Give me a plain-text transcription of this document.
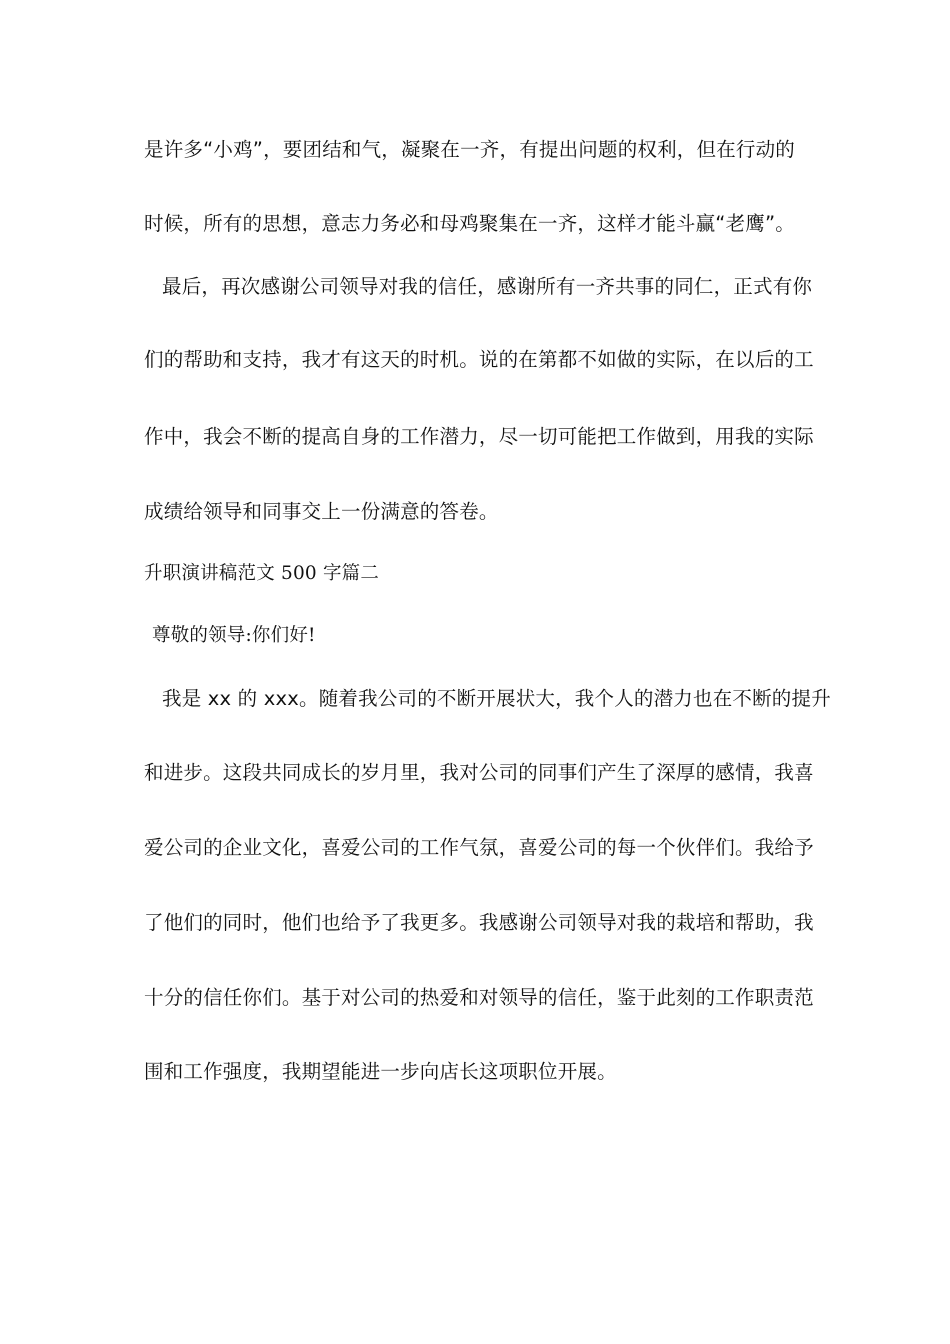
是许多“小鸡”，要团结和气，凝聚在一齐，有提出问题的权利，但在行动的
时候，所有的思想，意志力务必和母鸡聚集在一齐，这样才能斗赢“老鹰”。
最后，再次感谢公司领导对我的信任，感谢所有一齐共事的同仁，正式有你
们的帮助和支持，我才有这天的时机。说的在第都不如做的实际，在以后的工
作中，我会不断的提高自身的工作潜力，尽一切可能把工作做到，用我的实际
成绩给领导和同事交上一份满意的答卷。
升职演讲稿范文 500 字篇二
尊敬的领导:你们好!
我是 xx 的 xxx。随着我公司的不断开展状大，我个人的潜力也在不断的提升
和进步。这段共同成长的岁月里，我对公司的同事们产生了深厚的感情，我喜
爱公司的企业文化，喜爱公司的工作气氛，喜爱公司的每一个伙伴们。我给予
了他们的同时，他们也给予了我更多。我感谢公司领导对我的栽培和帮助，我
十分的信任你们。基于对公司的热爱和对领导的信任，鉴于此刻的工作职责范
围和工作强度，我期望能进一步向店长这项职位开展。
